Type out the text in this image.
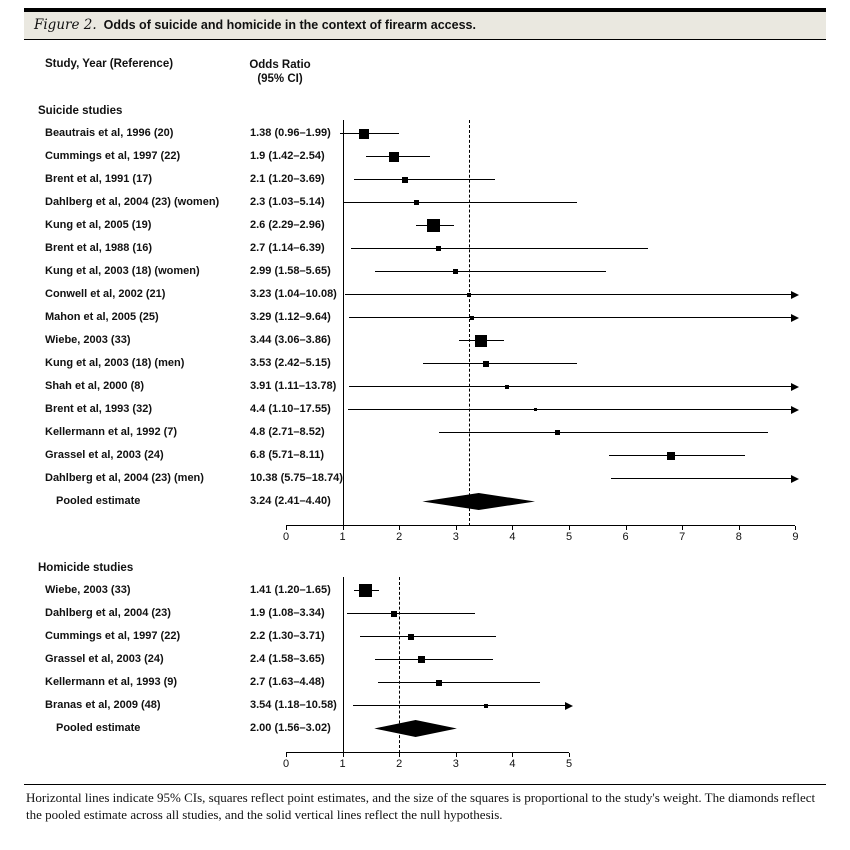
Figure 2. Odds of suicide and homicide in the context of firearm access.
Study, Year (Reference)	Odds Ratio
(95% CI)
Suicide studies
Beautrais et al, 1996 (20)	1.38 (0.96–1.99)
Cummings et al, 1997 (22)	1.9 (1.42–2.54)
Brent et al, 1991 (17)	2.1 (1.20–3.69)
Dahlberg et al, 2004 (23) (women)	2.3 (1.03–5.14)
Kung et al, 2005 (19)	2.6 (2.29–2.96)
Brent et al, 1988 (16)	2.7 (1.14–6.39)
Kung et al, 2003 (18) (women)	2.99 (1.58–5.65)
Conwell et al, 2002 (21)	3.23 (1.04–10.08)
Mahon et al, 2005 (25)	3.29 (1.12–9.64)
Wiebe, 2003 (33)	3.44 (3.06–3.86)
Kung et al, 2003 (18) (men)	3.53 (2.42–5.15)
Shah et al, 2000 (8)	3.91 (1.11–13.78)
Brent et al, 1993 (32)	4.4 (1.10–17.55)
Kellermann et al, 1992 (7)	4.8 (2.71–8.52)
Grassel et al, 2003 (24)	6.8 (5.71–8.11)
Dahlberg et al, 2004 (23) (men)	10.38 (5.75–18.74)
Pooled estimate	3.24 (2.41–4.40)
0	1	2	3	4	5	6	7	8	9
Homicide studies
Wiebe, 2003 (33)	1.41 (1.20–1.65)
Dahlberg et al, 2004 (23)	1.9 (1.08–3.34)
Cummings et al, 1997 (22)	2.2 (1.30–3.71)
Grassel et al, 2003 (24)	2.4 (1.58–3.65)
Kellermann et al, 1993 (9)	2.7 (1.63–4.48)
Branas et al, 2009 (48)	3.54 (1.18–10.58)
Pooled estimate	2.00 (1.56–3.02)
0	1	2	3	4	5
Horizontal lines indicate 95% CIs, squares reflect point estimates, and the size of the squares is proportional to the study's weight. The diamonds reflect the pooled estimate across all studies, and the solid vertical lines reflect the null hypothesis.
